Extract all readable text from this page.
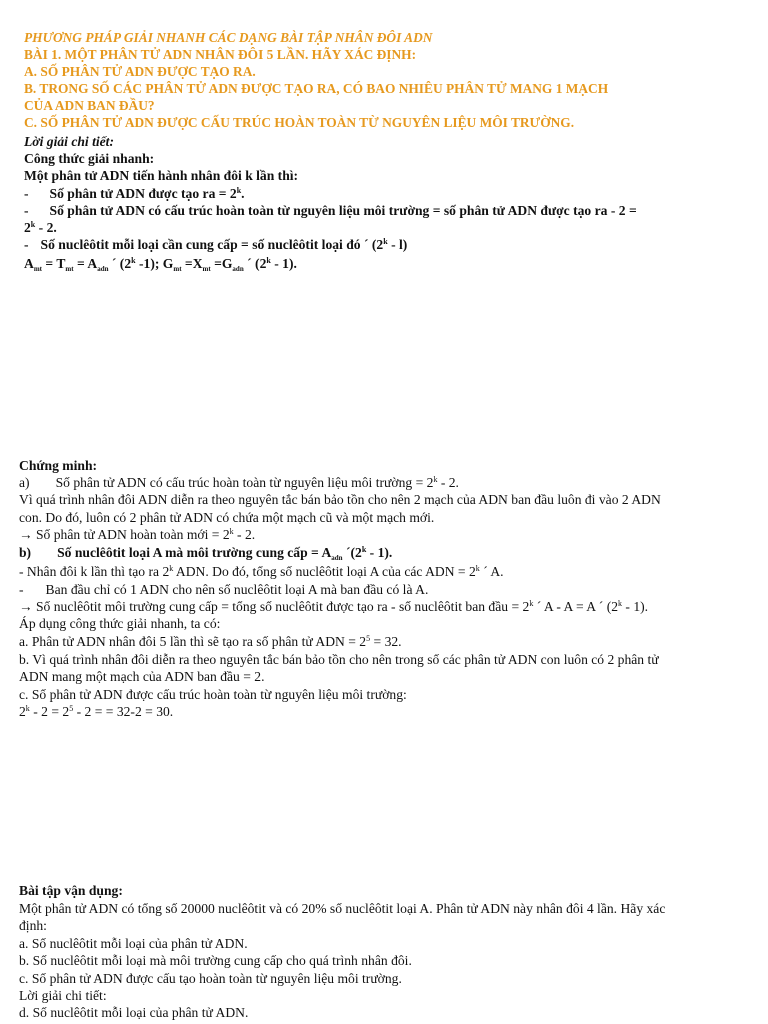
PHƯƠNG PHÁP GIẢI NHANH CÁC DẠNG BÀI TẬP NHÂN ĐÔI ADN
BÀI 1. MỘT PHÂN TỬ ADN NHÂN ĐÔI 5 LẦN. HÃY XÁC ĐỊNH:
A. SỐ PHÂN TỬ ADN ĐƯỢC TẠO RA.
B. TRONG SỐ CÁC PHÂN TỬ ADN ĐƯỢC TẠO RA, CÓ BAO NHIÊU PHÂN TỬ MANG 1 MẠCH
CỦA ADN BAN ĐẦU?
C. SỐ PHÂN TỬ ADN ĐƯỢC CẤU TRÚC HOÀN TOÀN TỪ NGUYÊN LIỆU MÔI TRƯỜNG.
Lời giải chi tiết:
Công thức giải nhanh:
Một phân tử ADN tiến hành nhân đôi k lần thì:
- Số phân tử ADN được tạo ra = $2^k$.
- Số phân tử ADN có cấu trúc hoàn toàn từ nguyên liệu môi trường = số phân tử ADN được tạo ra - 2 =
$2^k - 2$.
- Số nuclêôtit mỗi loại cần cung cấp = số nuclêôtit loại đó ´ (2$^k$ - l)
$A_{mt} = T_{mt} = A_{adn}$ ´ (2$^k$ -1); $G_{mt} =X_{mt} =G_{adn}$ ´ (2$^k$ - 1).
Chứng minh:
a) Số phân tử ADN có cấu trúc hoàn toàn từ nguyên liệu môi trường = $2^k - 2$.
Vì quá trình nhân đôi ADN diễn ra theo nguyên tắc bán bảo tồn cho nên 2 mạch của ADN ban đầu luôn đi vào 2 ADN
con. Do đó, luôn có 2 phân tử ADN có chứa một mạch cũ và một mạch mới.
→ Số phân tử ADN hoàn toàn mới = $2^k - 2$.
b) Số nuclêôtit loại A mà môi trường cung cấp = $A_{adn}$ ´(2$^k$ - 1).
- Nhân đôi k lần thì tạo ra 2$^k$ ADN. Do đó, tổng số nuclêôtit loại A của các ADN = $2^k$ ´ A.
- Ban đầu chỉ có 1 ADN cho nên số nuclêôtit loại A mà ban đầu có là A.
→ Số nuclêôtit môi trường cung cấp = tổng số nuclêôtit được tạo ra - số nuclêôtit ban đầu = $2^k$ ´ A - A = A ´ (2$^k$ - 1).
Áp dụng công thức giải nhanh, ta có:
a. Phân tử ADN nhân đôi 5 lần thì sẽ tạo ra số phân tử ADN = $2^5 = 32$.
b. Vì quá trình nhân đôi diễn ra theo nguyên tắc bán bảo tồn cho nên trong số các phân tử ADN con luôn có 2 phân tử
ADN mang một mạch của ADN ban đầu = 2.
c. Số phân tử ADN được cấu trúc hoàn toàn từ nguyên liệu môi trường:
$2^k - 2 = 2^5 - 2$ = = 32-2 = 30.
Bài tập vận dụng:
Một phân tử ADN có tổng số 20000 nuclêôtit và có 20% số nuclêôtit loại A. Phân tử ADN này nhân đôi 4 lần. Hãy xác
định:
a. Số nuclêôtit mỗi loại của phân tử ADN.
b. Số nuclêôtit mỗi loại mà môi trường cung cấp cho quá trình nhân đôi.
c. Số phân tử ADN được cấu tạo hoàn toàn từ nguyên liệu môi trường.
Lời giải chi tiết:
d. Số nuclêôtit mỗi loại của phân tử ADN.
